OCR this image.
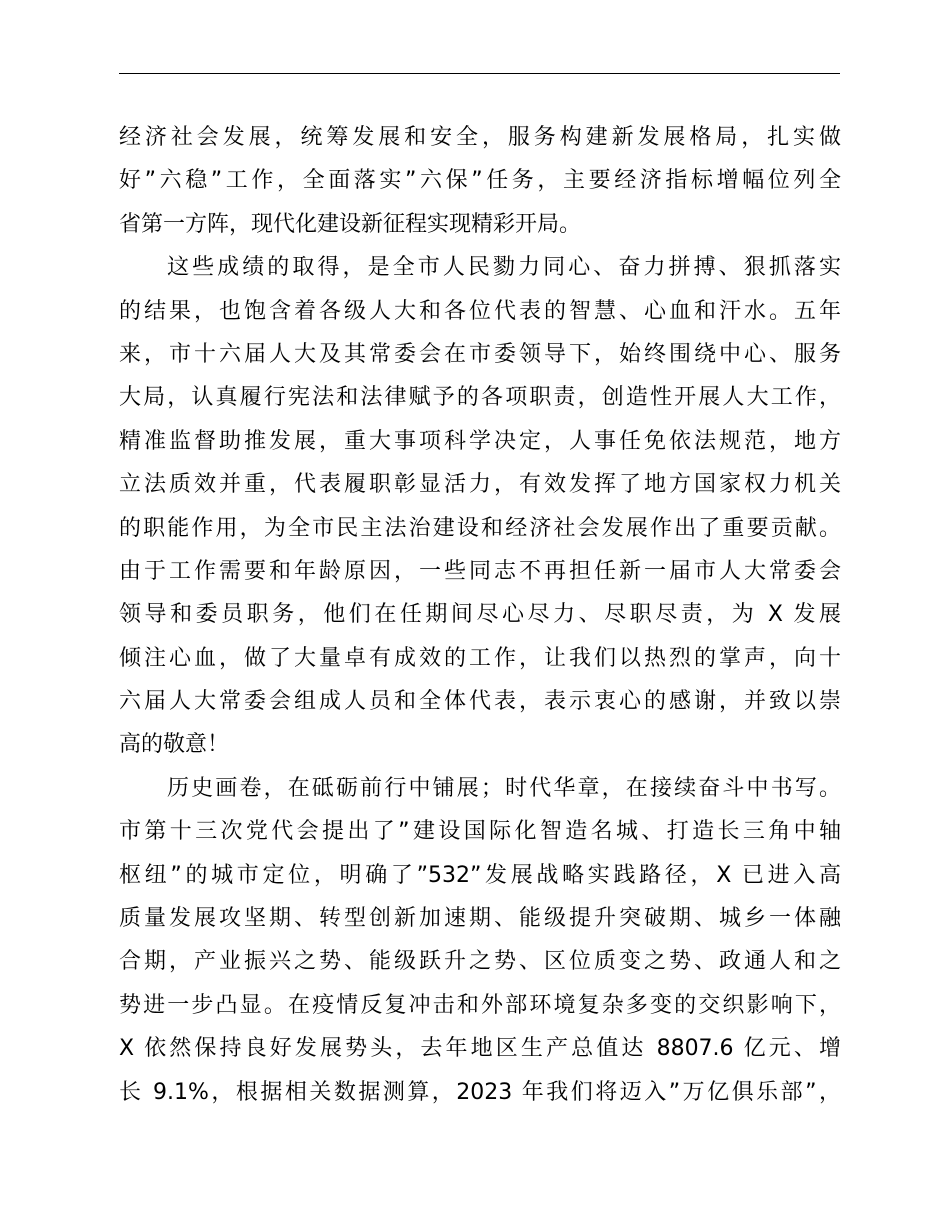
经济社会发展，统筹发展和安全，服务构建新发展格局，扎实做
好”六稳”工作，全面落实”六保”任务，主要经济指标增幅位列全
省第一方阵，现代化建设新征程实现精彩开局。
这些成绩的取得，是全市人民勠力同心、奋力拼搏、狠抓落实
的结果，也饱含着各级人大和各位代表的智慧、心血和汗水。五年
来，市十六届人大及其常委会在市委领导下，始终围绕中心、服务
大局，认真履行宪法和法律赋予的各项职责，创造性开展人大工作，
精准监督助推发展，重大事项科学决定，人事任免依法规范，地方
立法质效并重，代表履职彰显活力，有效发挥了地方国家权力机关
的职能作用，为全市民主法治建设和经济社会发展作出了重要贡献。
由于工作需要和年龄原因，一些同志不再担任新一届市人大常委会
领导和委员职务，他们在任期间尽心尽力、尽职尽责，为 X 发展
倾注心血，做了大量卓有成效的工作，让我们以热烈的掌声，向十
六届人大常委会组成人员和全体代表，表示衷心的感谢，并致以崇
高的敬意！
历史画卷，在砥砺前行中铺展；时代华章，在接续奋斗中书写。
市第十三次党代会提出了”建设国际化智造名城、打造长三角中轴
枢纽”的城市定位，明确了”532”发展战略实践路径，X 已进入高
质量发展攻坚期、转型创新加速期、能级提升突破期、城乡一体融
合期，产业振兴之势、能级跃升之势、区位质变之势、政通人和之
势进一步凸显。在疫情反复冲击和外部环境复杂多变的交织影响下，
X 依然保持良好发展势头，去年地区生产总值达 8807.6 亿元、增
长 9.1%，根据相关数据测算，2023 年我们将迈入”万亿俱乐部”，
